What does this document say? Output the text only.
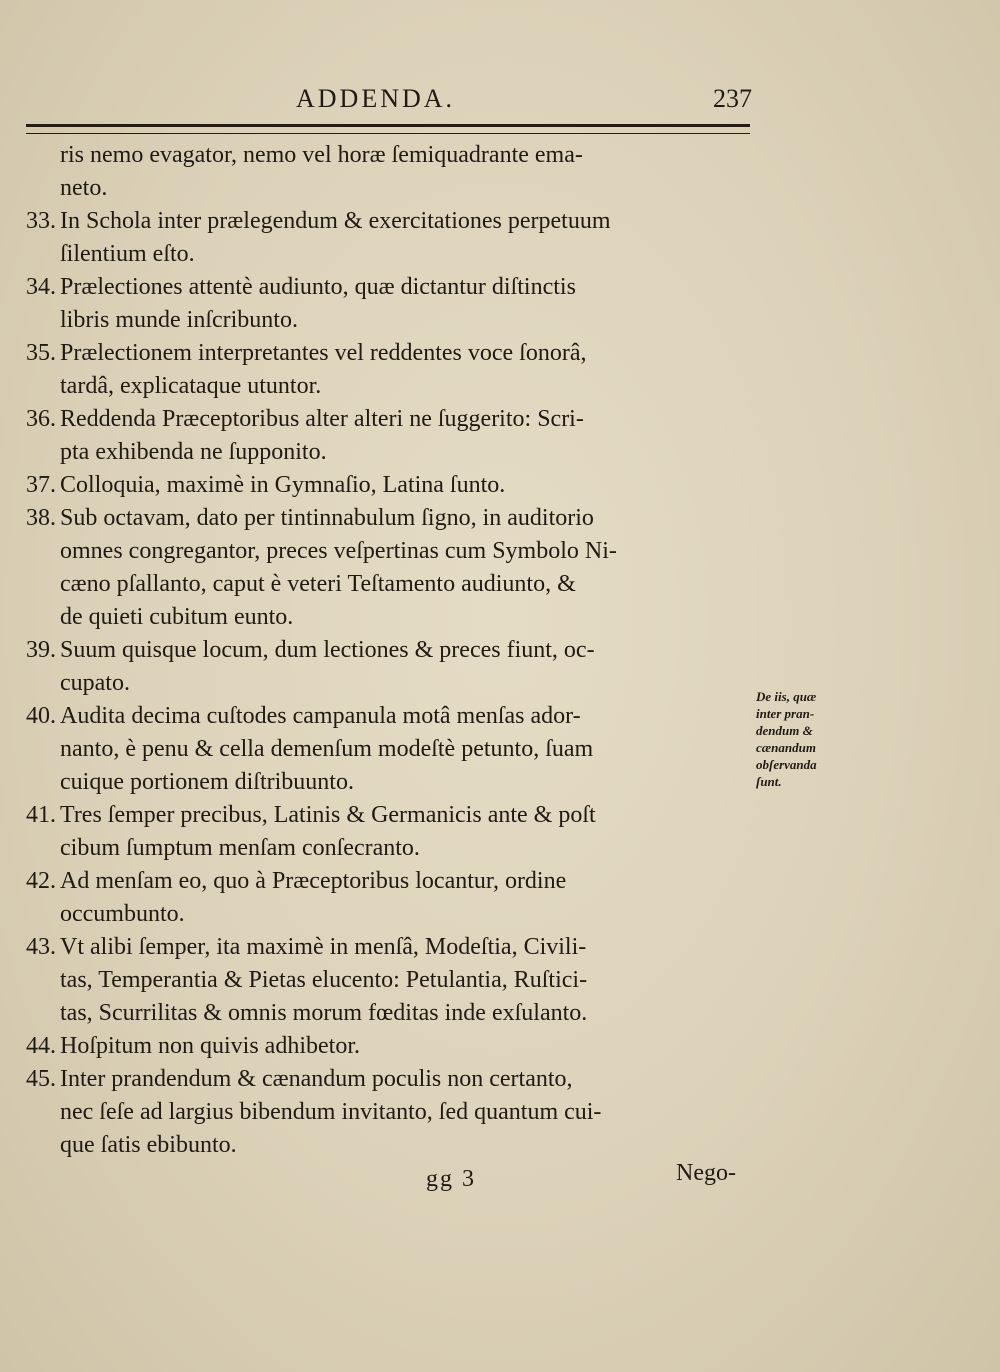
ADDENDA.	237
ris nemo evagator, nemo vel horæ ſemiquadrante ema-
neto.
33. In Schola inter prælegendum & exercitationes perpetuum
ſilentium eſto.
34. Prælectiones attentè audiunto, quæ dictantur diſtinctis
libris munde inſcribunto.
35. Prælectionem interpretantes vel reddentes voce ſonorâ,
tardâ, explicataque utuntor.
36. Reddenda Præceptoribus alter alteri ne ſuggerito: Scri-
pta exhibenda ne ſupponito.
37. Colloquia, maximè in Gymnaſio, Latina ſunto.
38. Sub octavam, dato per tintinnabulum ſigno, in auditorio
omnes congregantor, preces veſpertinas cum Symbolo Ni-
cæno pſallanto, caput è veteri Teſtamento audiunto, &
de quieti cubitum eunto.
39. Suum quisque locum, dum lectiones & preces fiunt, oc-
cupato.
40. Audita decima cuſtodes campanula motâ menſas ador-
nanto, è penu & cella demenſum modeſtè petunto, ſuam
cuique portionem diſtribuunto.
41. Tres ſemper precibus, Latinis & Germanicis ante & poſt
cibum ſumptum menſam conſecranto.
42. Ad menſam eo, quo à Præceptoribus locantur, ordine
occumbunto.
43. Vt alibi ſemper, ita maximè in menſâ, Modeſtia, Civili-
tas, Temperantia & Pietas elucento: Petulantia, Ruſtici-
tas, Scurrilitas & omnis morum fœditas inde exſulanto.
44. Hoſpitum non quivis adhibetor.
45. Inter prandendum & cænandum poculis non certanto,
nec ſeſe ad largius bibendum invitanto, ſed quantum cui-
que ſatis ebibunto.
De iis, quæ
inter pran-
dendum &
cænandum
obſervanda
ſunt.
gg 3	Nego-
